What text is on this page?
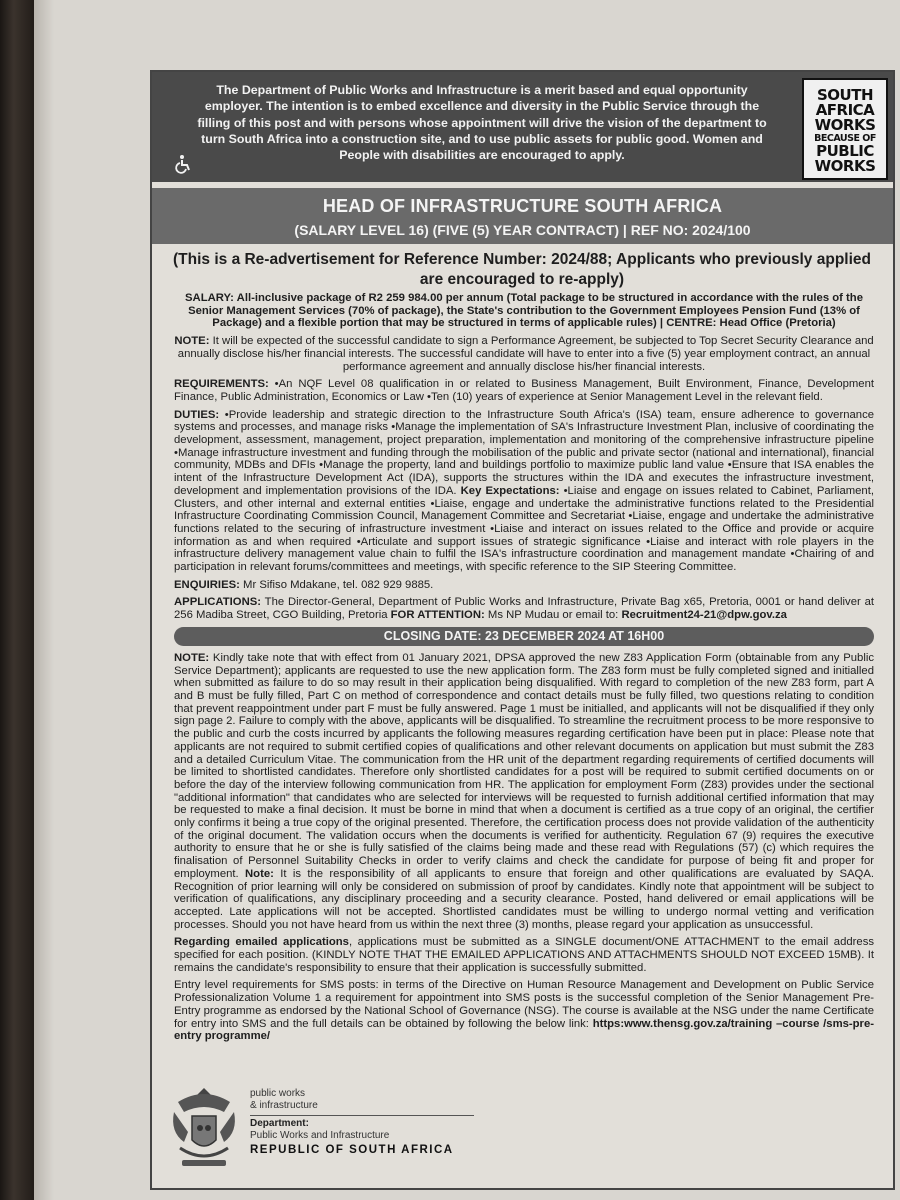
The Department of Public Works and Infrastructure is a merit based and equal opportunity employer. The intention is to embed excellence and diversity in the Public Service through the filling of this post and with persons whose appointment will drive the vision of the department to turn South Africa into a construction site, and to use public assets for public good. Women and People with disabilities are encouraged to apply.
SOUTH
AFRICA
WORKS
BECAUSE OF
PUBLIC
WORKS
HEAD OF INFRASTRUCTURE SOUTH AFRICA
(SALARY LEVEL 16) (FIVE (5) YEAR CONTRACT) | REF NO: 2024/100
(This is a Re-advertisement for Reference Number: 2024/88; Applicants who previously applied are encouraged to re-apply)

SALARY: All-inclusive package of R2 259 984.00 per annum (Total package to be structured in accordance with the rules of the Senior Management Services (70% of package), the State's contribution to the Government Employees Pension Fund (13% of Package) and a flexible portion that may be structured in terms of applicable rules) | CENTRE: Head Office (Pretoria)

NOTE: It will be expected of the successful candidate to sign a Performance Agreement, be subjected to Top Secret Security Clearance and annually disclose his/her financial interests. The successful candidate will have to enter into a five (5) year employment contract, an annual performance agreement and annually disclose his/her financial interests.

REQUIREMENTS: •An NQF Level 08 qualification in or related to Business Management, Built Environment, Finance, Development Finance, Public Administration, Economics or Law •Ten (10) years of experience at Senior Management Level in the relevant field.

DUTIES: •Provide leadership and strategic direction to the Infrastructure South Africa's (ISA) team, ensure adherence to governance systems and processes, and manage risks •Manage the implementation of SA's Infrastructure Investment Plan, inclusive of coordinating the development, assessment, management, project preparation, implementation and monitoring of the comprehensive infrastructure pipeline •Manage infrastructure investment and funding through the mobilisation of the public and private sector (national and international), financial community, MDBs and DFIs •Manage the property, land and buildings portfolio to maximize public land value •Ensure that ISA enables the intent of the Infrastructure Development Act (IDA), supports the structures within the IDA and executes the infrastructure investment, development and implementation provisions of the IDA. Key Expectations: •Liaise and engage on issues related to Cabinet, Parliament, Clusters, and other internal and external entities •Liaise, engage and undertake the administrative functions related to the Presidential Infrastructure Coordinating Commission Council, Management Committee and Secretariat •Liaise, engage and undertake the administrative functions related to the securing of infrastructure investment •Liaise and interact on issues related to the Office and provide or acquire information as and when required •Articulate and support issues of strategic significance •Liaise and interact with role players in the infrastructure delivery management value chain to fulfil the ISA's infrastructure coordination and management mandate •Chairing of and participation in relevant forums/committees and meetings, with specific reference to the SIP Steering Committee.

ENQUIRIES: Mr Sifiso Mdakane, tel. 082 929 9885.

APPLICATIONS: The Director-General, Department of Public Works and Infrastructure, Private Bag x65, Pretoria, 0001 or hand deliver at 256 Madiba Street, CGO Building, Pretoria FOR ATTENTION: Ms NP Mudau or email to: Recruitment24-21@dpw.gov.za

CLOSING DATE: 23 DECEMBER 2024 AT 16H00

NOTE: Kindly take note that with effect from 01 January 2021, DPSA approved the new Z83 Application Form (obtainable from any Public Service Department); applicants are requested to use the new application form. The Z83 form must be fully completed signed and initialled when submitted as failure to do so may result in their application being disqualified. With regard to completion of the new Z83 form, part A and B must be fully filled, Part C on method of correspondence and contact details must be fully filled, two questions relating to condition that prevent reappointment under part F must be fully answered. Page 1 must be initialled, and applicants will not be disqualified if they only sign page 2. Failure to comply with the above, applicants will be disqualified. To streamline the recruitment process to be more responsive to the public and curb the costs incurred by applicants the following measures regarding certification have been put in place: Please note that applicants are not required to submit certified copies of qualifications and other relevant documents on application but must submit the Z83 and a detailed Curriculum Vitae. The communication from the HR unit of the department regarding requirements of certified documents will be limited to shortlisted candidates. Therefore only shortlisted candidates for a post will be required to submit certified documents on or before the day of the interview following communication from HR. The application for employment Form (Z83) provides under the sectional "additional information" that candidates who are selected for interviews will be requested to furnish additional certified information that may be requested to make a final decision. It must be borne in mind that when a document is certified as a true copy of an original, the certifier only confirms it being a true copy of the original presented. Therefore, the certification process does not provide validation of the authenticity of the original document. The validation occurs when the documents is verified for authenticity. Regulation 67 (9) requires the executive authority to ensure that he or she is fully satisfied of the claims being made and these read with Regulations (57) (c) which requires the finalisation of Personnel Suitability Checks in order to verify claims and check the candidate for purpose of being fit and proper for employment. Note: It is the responsibility of all applicants to ensure that foreign and other qualifications are evaluated by SAQA. Recognition of prior learning will only be considered on submission of proof by candidates. Kindly note that appointment will be subject to verification of qualifications, any disciplinary proceeding and a security clearance. Posted, hand delivered or email applications will be accepted. Late applications will not be accepted. Shortlisted candidates must be willing to undergo normal vetting and verification processes. Should you not have heard from us within the next three (3) months, please regard your application as unsuccessful.

Regarding emailed applications, applications must be submitted as a SINGLE document/ONE ATTACHMENT to the email address specified for each position. (KINDLY NOTE THAT THE EMAILED APPLICATIONS AND ATTACHMENTS SHOULD NOT EXCEED 15MB). It remains the candidate's responsibility to ensure that their application is successfully submitted.

Entry level requirements for SMS posts: in terms of the Directive on Human Resource Management and Development on Public Service Professionalization Volume 1 a requirement for appointment into SMS posts is the successful completion of the Senior Management Pre-Entry programme as endorsed by the National School of Governance (NSG). The course is available at the NSG under the name Certificate for entry into SMS and the full details can be obtained by following the below link: https:www.thensg.gov.za/training –course /sms-pre-entry programme/

public works
& infrastructure
Department:
Public Works and Infrastructure
REPUBLIC OF SOUTH AFRICA
